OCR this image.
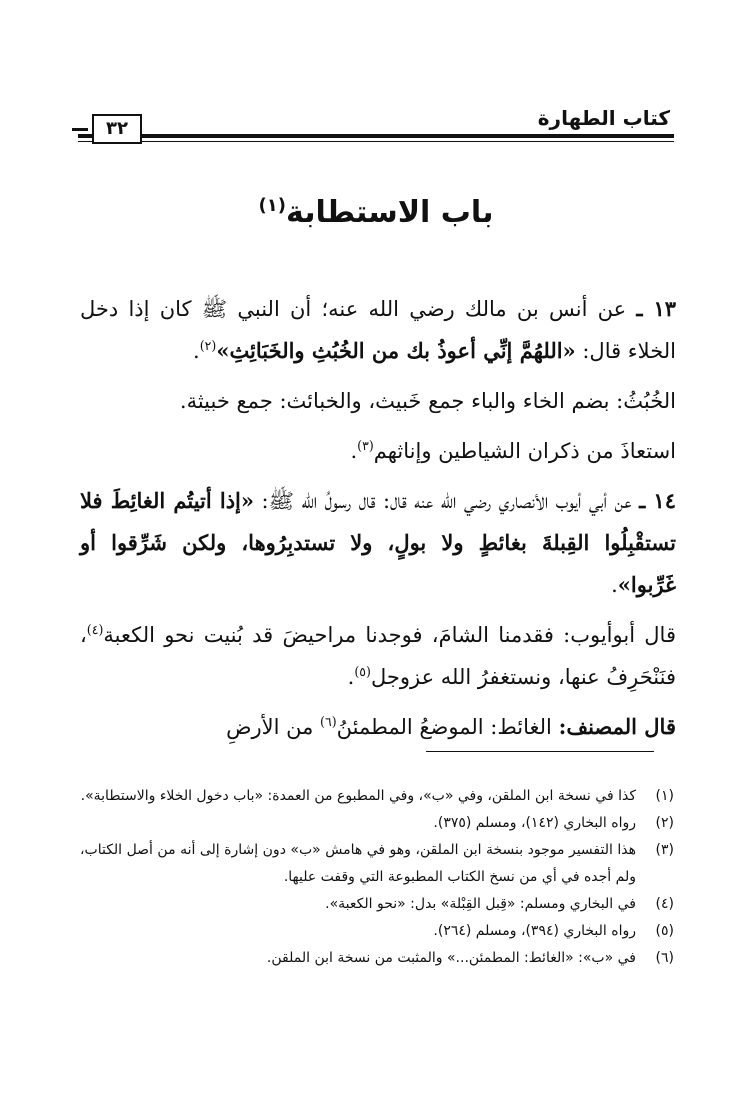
كتاب الطهارة
٣٢
باب الاستطابة$^{(١)}$

١٣ ـ عن أنس بن مالك رضي الله عنه؛ أن النبي ﷺ كان إذا دخل الخلاء قال: «اللهُمَّ إنِّي أعوذُ بك من الخُبُثِ والخَبَائِثِ»$^{(٢)}$.

الخُبُثُ: بضم الخاء والباء جمع خَبيث، والخبائث: جمع خبيثة.

استعاذَ من ذكران الشياطين وإناثهم$^{(٣)}$.

١٤ ـ عن أبي أيوب الأنصاري رضي الله عنه قال: قال رسولُ الله ﷺ: «إذا أتيتُم الغائِطَ فلا تستقْبِلُوا القِبلةَ بغائطٍ ولا بولٍ، ولا تستدبِرُوها، ولكن شَرِّقوا أو غَرِّبوا».

قال أبوأيوب: فقدمنا الشامَ، فوجدنا مراحيضَ قد بُنيت نحو الكعبة$^{(٤)}$، فنَنْحَرِفُ عنها، ونستغفرُ الله عزوجل$^{(٥)}$.

قال المصنف: الغائط: الموضعُ المطمئنُ$^{(٦)}$ من الأرضِ

(١)
كذا في نسخة ابن الملقن، وفي «ب»، وفي المطبوع من العمدة: «باب دخول الخلاء والاستطابة».
(٢)
رواه البخاري (١٤٢)، ومسلم (٣٧٥).
(٣)
هذا التفسير موجود بنسخة ابن الملقن، وهو في هامش «ب» دون إشارة إلى أنه من أصل الكتاب، ولم أجده في أي من نسخ الكتاب المطبوعة التي وقفت عليها.
(٤)
في البخاري ومسلم: «قِبل القِبْلة» بدل: «نحو الكعبة».
(٥)
رواه البخاري (٣٩٤)، ومسلم (٢٦٤).
(٦)
في «ب»: «الغائط: المطمئن...» والمثبت من نسخة ابن الملقن.
